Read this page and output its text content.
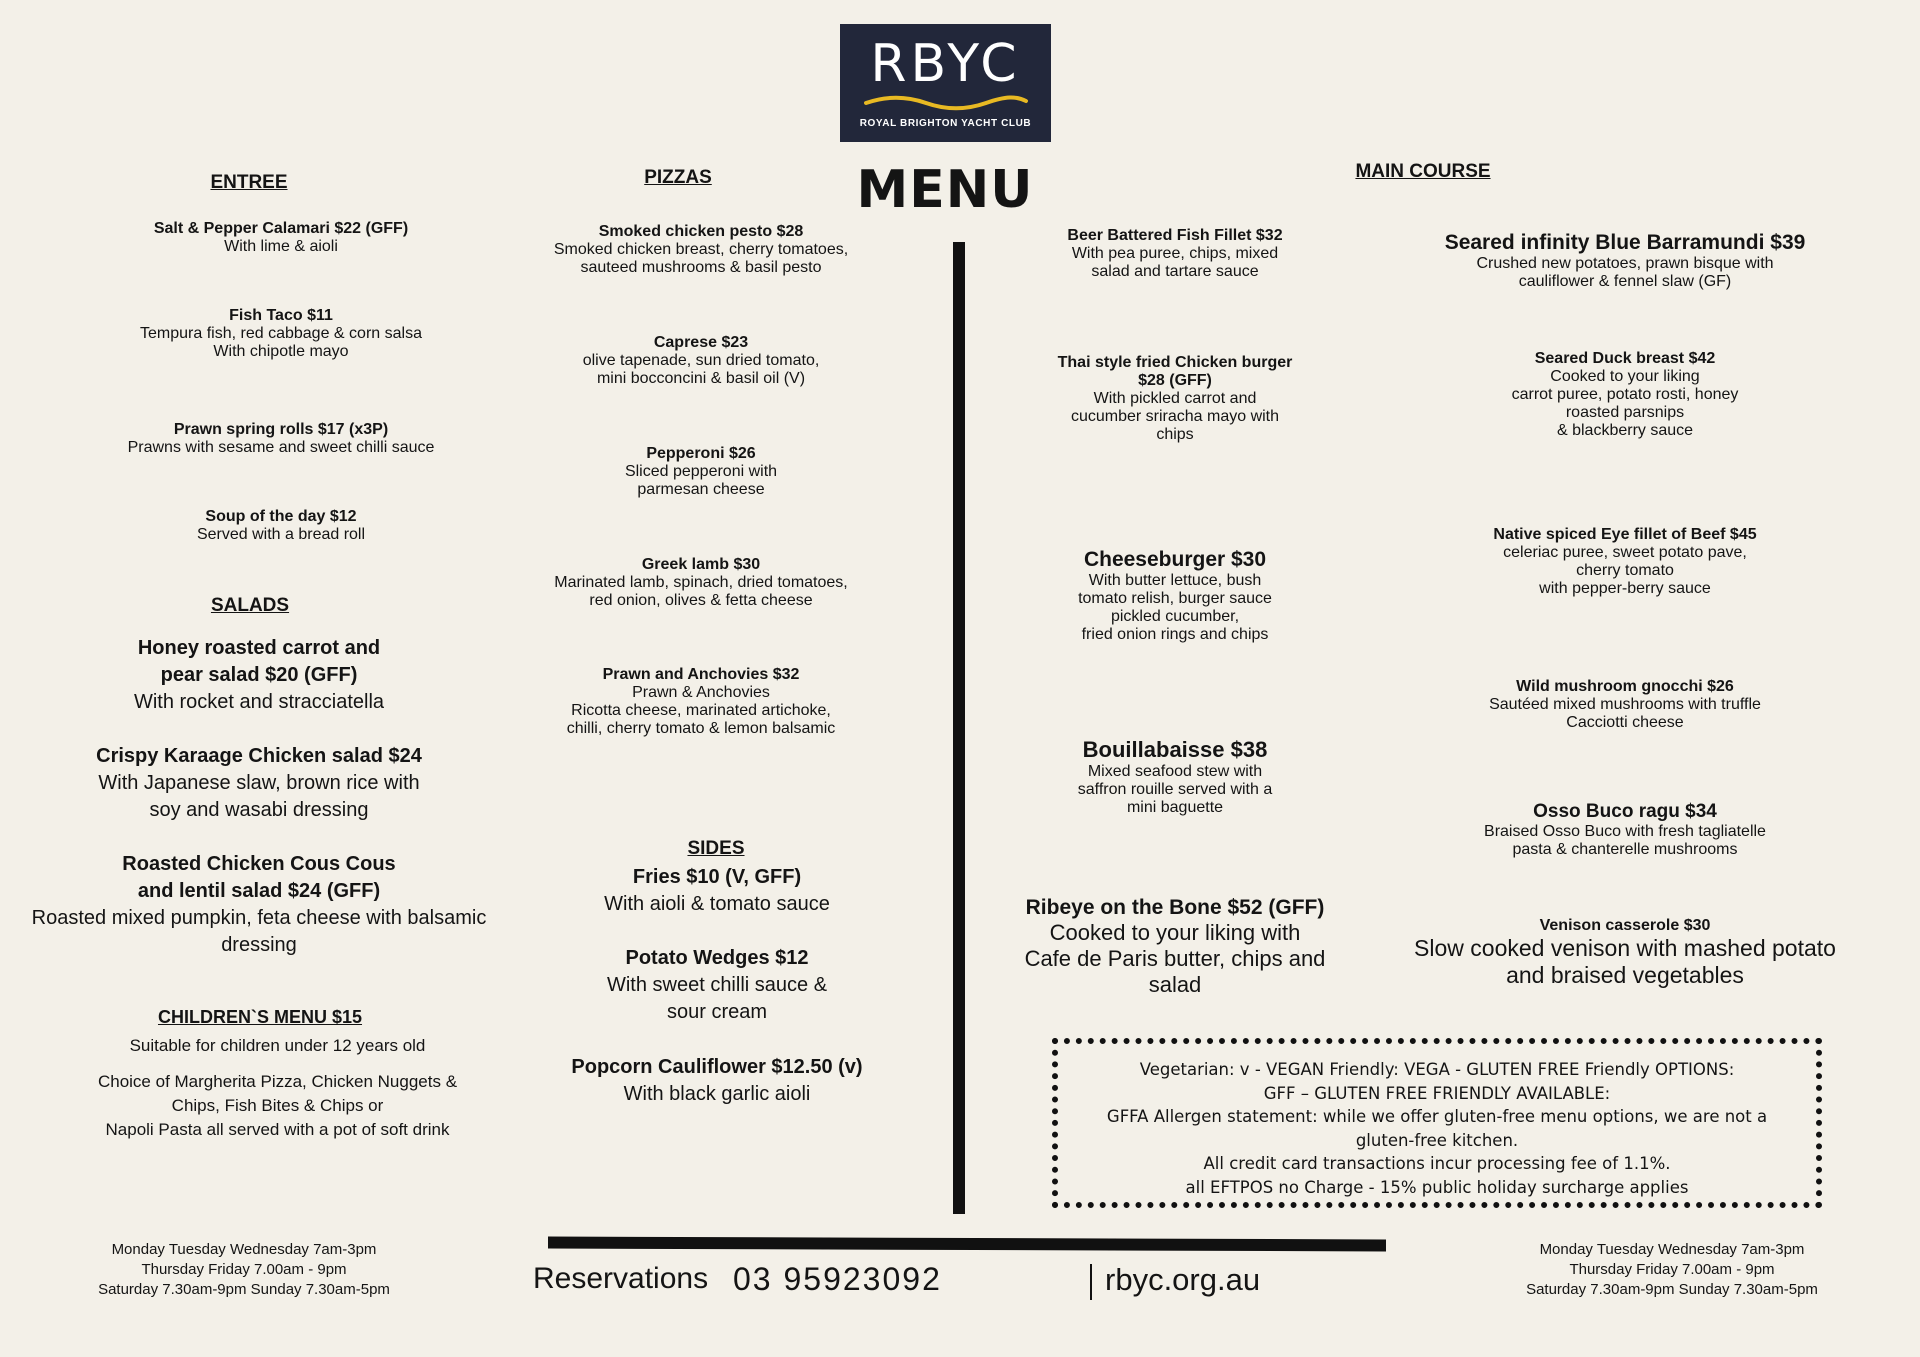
RBYC
ROYAL BRIGHTON YACHT CLUB
MENU
ENTREE
Salt & Pepper Calamari $22 (GFF)
With lime & aioli
Fish Taco $11
Tempura fish, red cabbage & corn salsa
With chipotle mayo
Prawn spring rolls $17 (x3P)
Prawns with sesame and sweet chilli sauce
Soup of the day $12
Served with a bread roll
SALADS
Honey roasted carrot and
pear salad $20 (GFF)
With rocket and stracciatella
Crispy Karaage Chicken salad $24
With Japanese slaw, brown rice with
soy and wasabi dressing
Roasted Chicken Cous Cous
and lentil salad $24 (GFF)
Roasted mixed pumpkin, feta cheese with balsamic
dressing
CHILDREN`S MENU $15
Suitable for children under 12 years old
Choice of Margherita Pizza, Chicken Nuggets &
Chips, Fish Bites & Chips or
Napoli Pasta all served with a pot of soft drink
PIZZAS
Smoked chicken pesto $28
Smoked chicken breast, cherry tomatoes,
sauteed mushrooms & basil pesto
Caprese $23
olive tapenade, sun dried tomato,
mini bocconcini & basil oil (V)
Pepperoni $26
Sliced pepperoni with
parmesan cheese
Greek lamb $30
Marinated lamb, spinach, dried tomatoes,
red onion, olives & fetta cheese
Prawn and Anchovies $32
Prawn & Anchovies
Ricotta cheese, marinated artichoke,
chilli, cherry tomato & lemon balsamic
SIDES
Fries $10 (V, GFF)
With aioli & tomato sauce
Potato Wedges $12
With sweet chilli sauce &
sour cream
Popcorn Cauliflower $12.50 (v)
With black garlic aioli
MAIN COURSE
Beer Battered Fish Fillet $32
With pea puree, chips, mixed
salad and tartare sauce
Thai style fried Chicken burger
$28 (GFF)
With pickled carrot and
cucumber sriracha mayo with
chips
Cheeseburger $30
With butter lettuce, bush
tomato relish, burger sauce
pickled cucumber,
fried onion rings and chips
Bouillabaisse $38
Mixed seafood stew with
saffron rouille served with a
mini baguette
Ribeye on the Bone $52 (GFF)
Cooked to your liking with
Cafe de Paris butter, chips and
salad
Seared infinity Blue Barramundi $39
Crushed new potatoes, prawn bisque with
cauliflower & fennel slaw (GF)
Seared Duck breast $42
Cooked to your liking
carrot puree, potato rosti, honey
roasted parsnips
& blackberry sauce
Native spiced Eye fillet of Beef $45
celeriac puree, sweet potato pave,
cherry tomato
with pepper-berry sauce
Wild mushroom gnocchi $26
Sautéed mixed mushrooms with truffle
Cacciotti cheese
Osso Buco ragu $34
Braised Osso Buco with fresh tagliatelle
pasta & chanterelle mushrooms
Venison casserole $30
Slow cooked venison with mashed potato
and braised vegetables
Vegetarian: v - VEGAN Friendly: VEGA - GLUTEN FREE Friendly OPTIONS:
GFF – GLUTEN FREE FRIENDLY AVAILABLE:
GFFA Allergen statement: while we offer gluten-free menu options, we are not a
gluten-free kitchen.
All credit card transactions incur processing fee of 1.1%.
all EFTPOS no Charge - 15% public holiday surcharge applies
Monday Tuesday Wednesday 7am-3pm
Thursday Friday 7.00am - 9pm
Saturday 7.30am-9pm Sunday 7.30am-5pm
Monday Tuesday Wednesday 7am-3pm
Thursday Friday 7.00am - 9pm
Saturday 7.30am-9pm Sunday 7.30am-5pm
Reservations 03 95923092	rbyc.org.au
